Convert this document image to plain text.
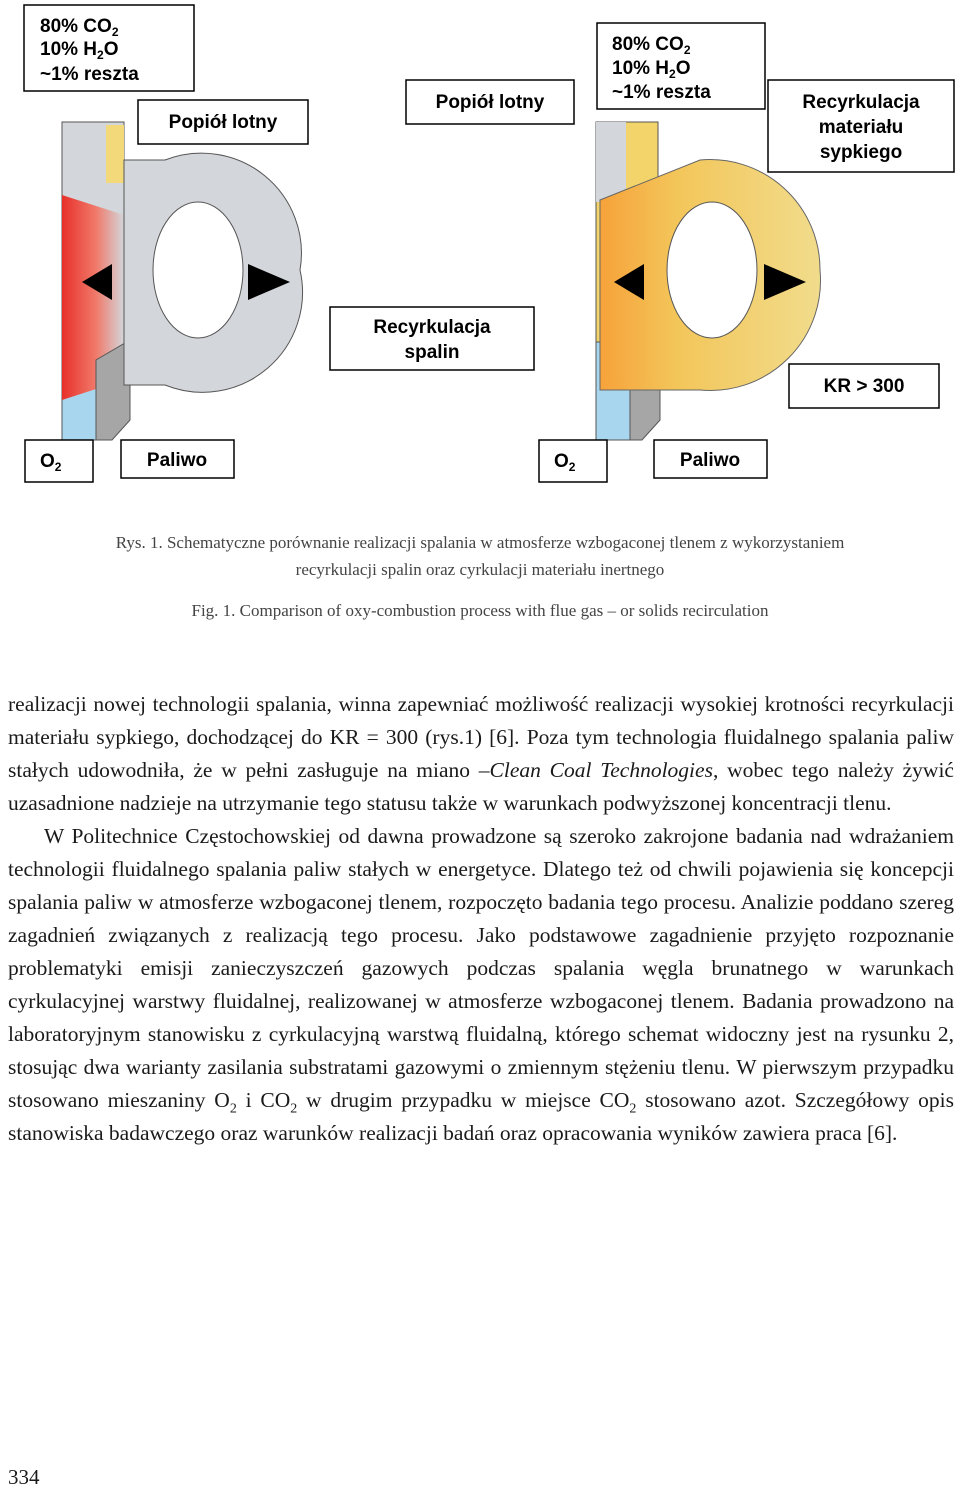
80% $CO_2$
10% $H_2O$
~1% reszta
Popiół lotny
Popiół lotny
80% $CO_2$
10% $H_2O$
~1% reszta	Recyrkulacja
materiału
sypkiego
Recyrkulacja
spalin
KR > 300
$O_2$	Paliwo	$O_2$	Paliwo
Rys. 1. Schematyczne porównanie realizacji spalania w atmosferze wzbogaconej tlenem z wykorzystaniem
recyrkulacji spalin oraz cyrkulacji materiału inertnego
Fig. 1. Comparison of oxy-combustion process with flue gas – or solids recirculation

realizacji nowej technologii spalania, winna zapewniać możliwość realizacji wysokiej krotności recyrkulacji materiału sypkiego, dochodzącej do KR = 300 (rys.1) [6]. Poza tym technologia fluidalnego spalania paliw stałych udowodniła, że w pełni zasługuje na miano –Clean Coal Technologies, wobec tego należy żywić uzasadnione nadzieje na utrzymanie tego statusu także w warunkach podwyższonej koncentracji tlenu.

W Politechnice Częstochowskiej od dawna prowadzone są szeroko zakrojone badania nad wdrażaniem technologii fluidalnego spalania paliw stałych w energetyce. Dlatego też od chwili pojawienia się koncepcji spalania paliw w atmosferze wzbogaconej tlenem, rozpoczęto badania tego procesu. Analizie poddano szereg zagadnień związanych z realizacją tego procesu. Jako podstawowe zagadnienie przyjęto rozpoznanie problematyki emisji zanieczyszczeń gazowych podczas spalania węgla brunatnego w warunkach cyrkulacyjnej warstwy fluidalnej, realizowanej w atmosferze wzbogaconej tlenem. Badania prowadzono na laboratoryjnym stanowisku z cyrkulacyjną warstwą fluidalną, którego schemat widoczny jest na rysunku 2, stosując dwa warianty zasilania substratami gazowymi o zmiennym stężeniu tlenu. W pierwszym przypadku stosowano mieszaniny $O_2$ i $CO_2$ w drugim przypadku w miejsce $CO_2$ stosowano azot. Szczegółowy opis stanowiska badawczego oraz warunków realizacji badań oraz opracowania wyników zawiera praca [6].

334
